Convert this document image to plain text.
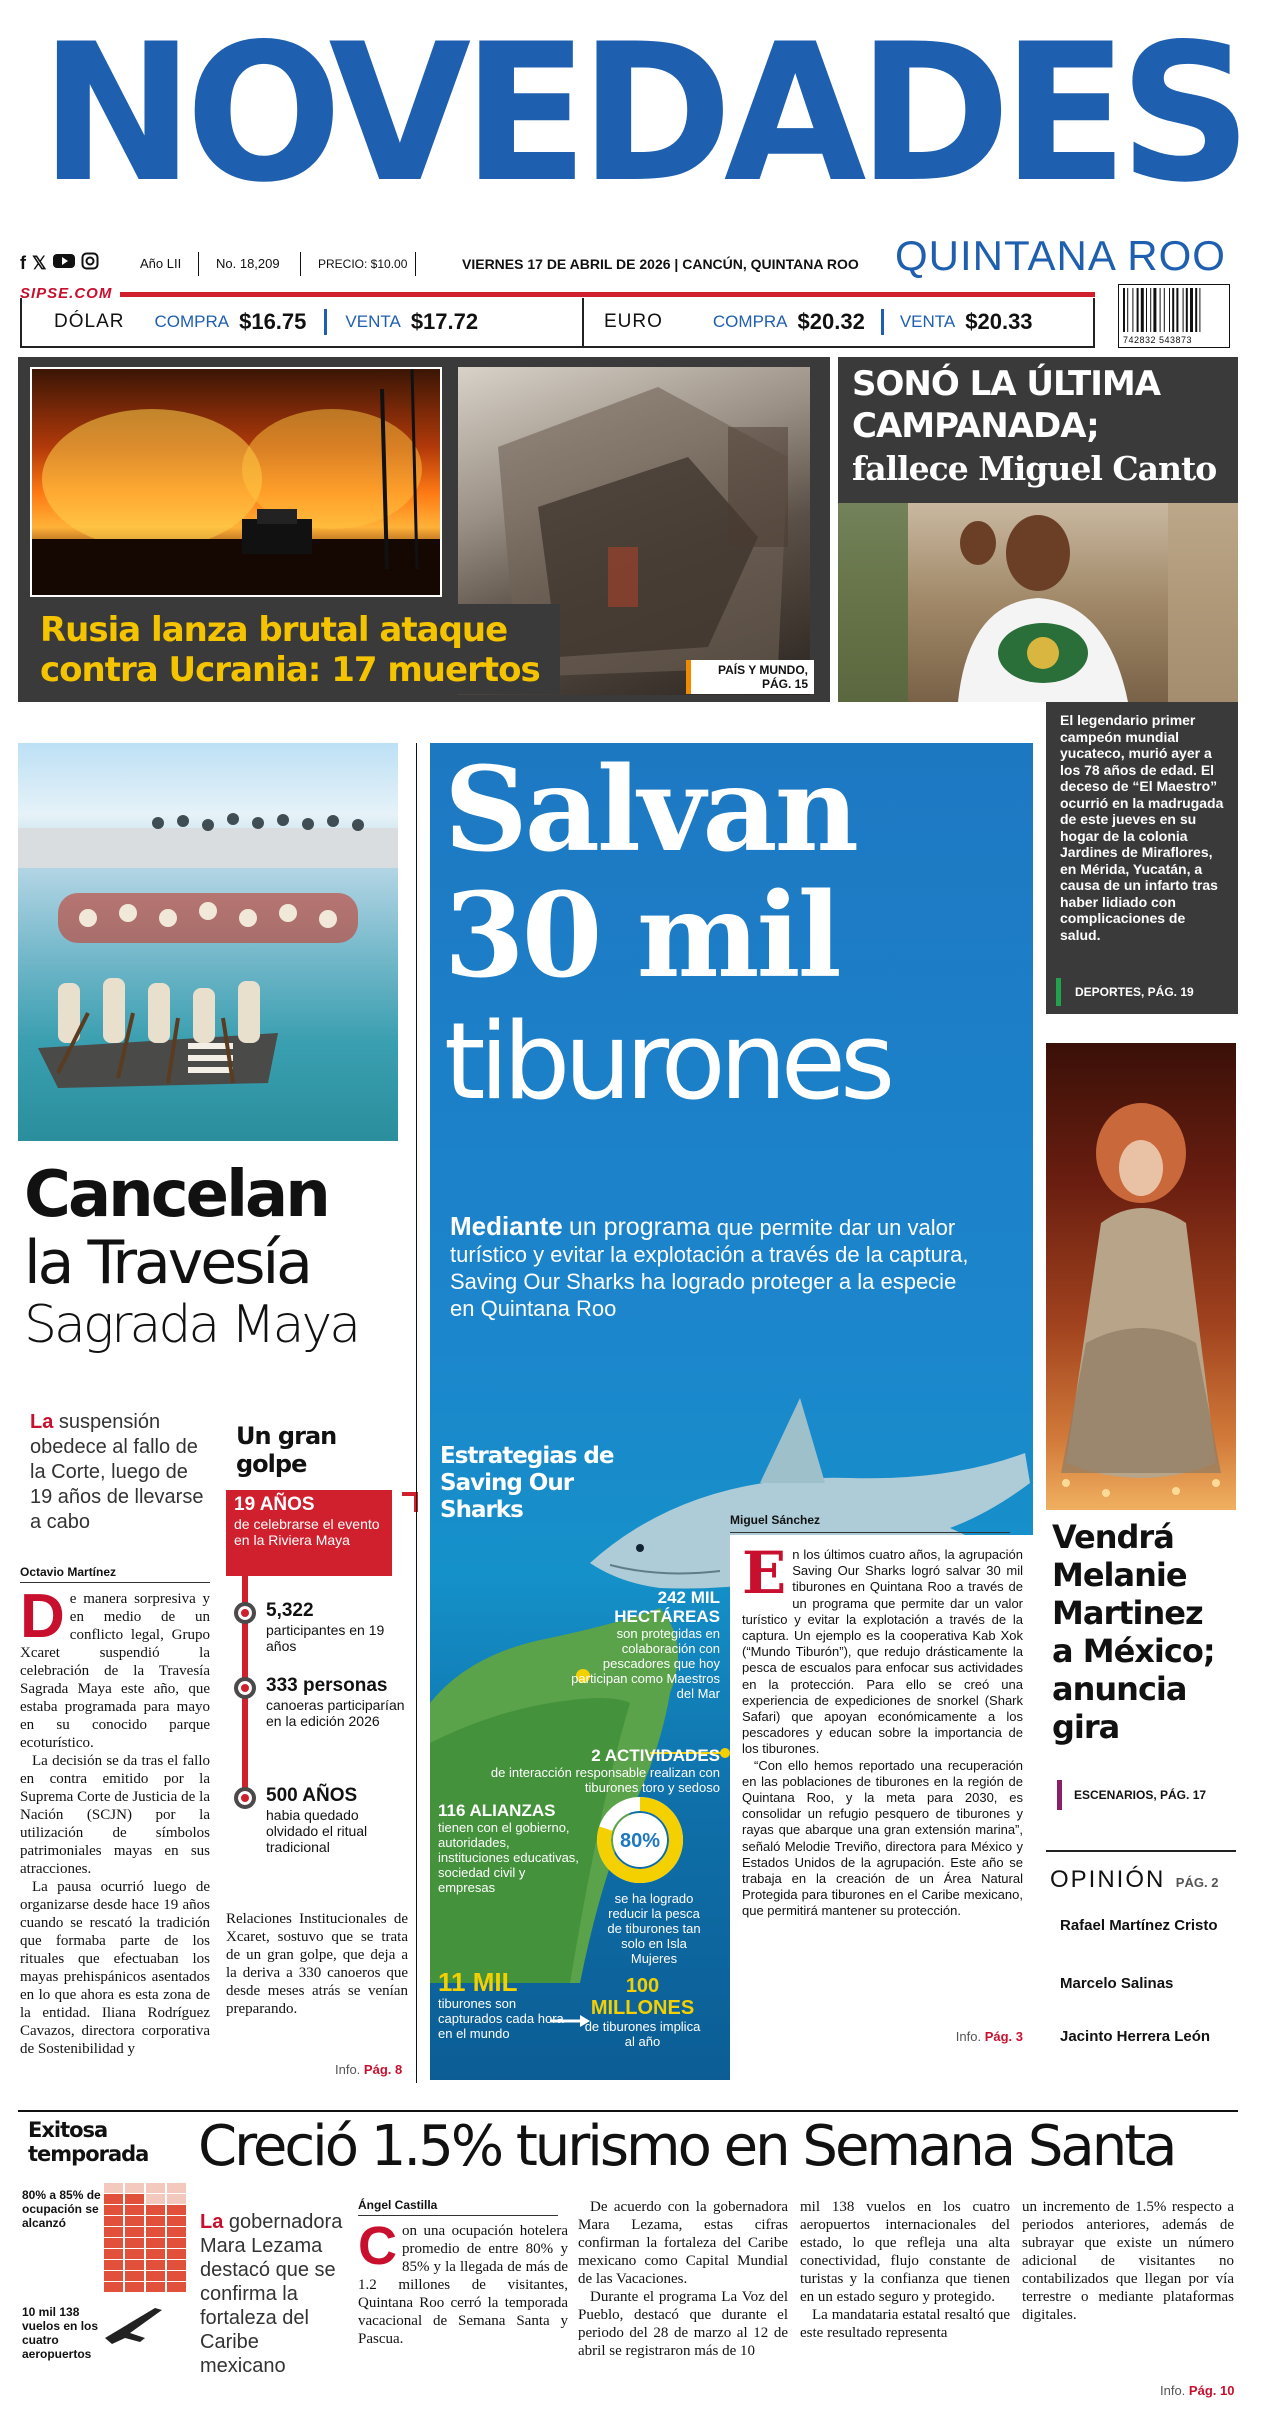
NOVEDADES
QUINTANA ROO
f 𝕏	Año LII	No. 18,209	PRECIO: $10.00	VIERNES 17 DE ABRIL DE 2026 | CANCÚN, QUINTANA ROO
SIPSE.COM
742832 543873
DÓLAR COMPRA $16.75 VENTA $17.72	EURO	COMPRA $20.32 VENTA $20.33
Rusia lanza brutal ataque
contra Ucrania: 17 muertos	PAÍS Y MUNDO, PÁG. 15
SONÓ LA ÚLTIMA
CAMPANADA;
fallece Miguel Canto
El legendario primer campeón mundial yucateco, murió ayer a los 78 años de edad. El deceso de “El Maestro” ocurrió en la madrugada de este jueves en su hogar de la colonia Jardines de Miraflores, en Mérida, Yucatán, a causa de un infarto tras haber lidiado con complicaciones de salud.
DEPORTES, PÁG. 19
Cancelan
la Travesía
Sagrada Maya
La suspensión obedece al fallo de la Corte, luego de 19 años de llevarse a cabo
Octavio Martínez

De manera sorpresiva y en medio de un conflicto legal, Grupo Xcaret suspendió la celebración de la Travesía Sagrada Maya este año, que estaba programada para mayo en su conocido parque ecoturístico.

La decisión se da tras el fallo en contra emitido por la Suprema Corte de Justicia de la Nación (SCJN) por la utilización de símbolos patrimoniales mayas en sus atracciones.

La pausa ocurrió luego de organizarse desde hace 19 años cuando se rescató la tradición que formaba parte de los rituales que efectuaban los mayas prehispánicos asentados en lo que ahora es esta zona de la entidad. Iliana Rodríguez Cavazos, directora corporativa de Sostenibilidad y

Un gran
golpe
19 AÑOS
de celebrarse el evento en la Riviera Maya
5,322
participantes en 19 años
333 personas
canoeras participarían en la edición 2026
500 AÑOS
habia quedado olvidado el ritual tradicional

Relaciones Institucionales de Xcaret, sostuvo que se trata de un gran golpe, que deja a la deriva a 330 canoeros que desde meses atrás se venían preparando.

Info. Pág. 8
Salvan
30 mil
tiburones
Mediante un programa que permite dar un valor turístico y evitar la explotación a través de la captura, Saving Our Sharks ha logrado proteger a la especie en Quintana Roo
Estrategias de Saving Our Sharks
242 MIL HECTÁREAS
son protegidas en colaboración con pescadores que hoy participan como Maestros del Mar
2 ACTIVIDADES
de interacción responsable realizan con tiburones toro y sedoso
116 ALIANZAS
tienen con el gobierno, autoridades, instituciones educativas, sociedad civil y empresas
80%
se ha logrado reducir la pesca de tiburones tan solo en Isla Mujeres
11 MIL
tiburones son capturados cada hora en el mundo
100 MILLONES
de tiburones implica al año
Miguel Sánchez

En los últimos cuatro años, la agrupación Saving Our Sharks logró salvar 30 mil tiburones en Quintana Roo a través de un programa que permite dar un valor turístico y evitar la explotación a través de la captura. Un ejemplo es la cooperativa Kab Xok (“Mundo Tiburón”), que redujo drásticamente la pesca de escualos para enfocar sus actividades en la protección. Para ello se creó una experiencia de expediciones de snorkel (Shark Safari) que apoyan económicamente a los pescadores y educan sobre la importancia de los tiburones.

“Con ello hemos reportado una recuperación en las poblaciones de tiburones en la región de Quintana Roo, y la meta para 2030, es consolidar un refugio pesquero de tiburones y rayas que abarque una gran extensión marina”, señaló Melodie Treviño, directora para México y Estados Unidos de la agrupación. Este año se trabaja en la creación de un Área Natural Protegida para tiburones en el Caribe mexicano, que permitirá mantener su protección.

Info. Pág. 3
Vendrá Melanie Martinez a México; anuncia gira
ESCENARIOS, PÁG. 17
OPINIÓN PÁG. 2
Rafael Martínez Cristo
Marcelo Salinas
Jacinto Herrera León
Exitosa temporada
80% a 85% de ocupación se alcanzó
10 mil 138 vuelos en los cuatro aeropuertos
Creció 1.5% turismo en Semana Santa
La gobernadora Mara Lezama destacó que se confirma la fortaleza del Caribe mexicano
Ángel Castilla

Con una ocupación hotelera promedio de entre 80% y 85% y la llegada de más de 1.2 millones de visitantes, Quintana Roo cerró la temporada vacacional de Semana Santa y Pascua.

De acuerdo con la gobernadora Mara Lezama, estas cifras confirman la fortaleza del Caribe mexicano como Capital Mundial de las Vacaciones.

Durante el programa La Voz del Pueblo, destacó que durante el periodo del 28 de marzo al 12 de abril se registraron más de 10

mil 138 vuelos en los cuatro aeropuertos internacionales del estado, lo que refleja una alta conectividad, flujo constante de turistas y la confianza que tienen en un estado seguro y protegido.

La mandataria estatal resaltó que este resultado representa

un incremento de 1.5% respecto a periodos anteriores, además de subrayar que existe un número adicional de visitantes no contabilizados que llegan por vía terrestre o mediante plataformas digitales.

Info. Pág. 10
